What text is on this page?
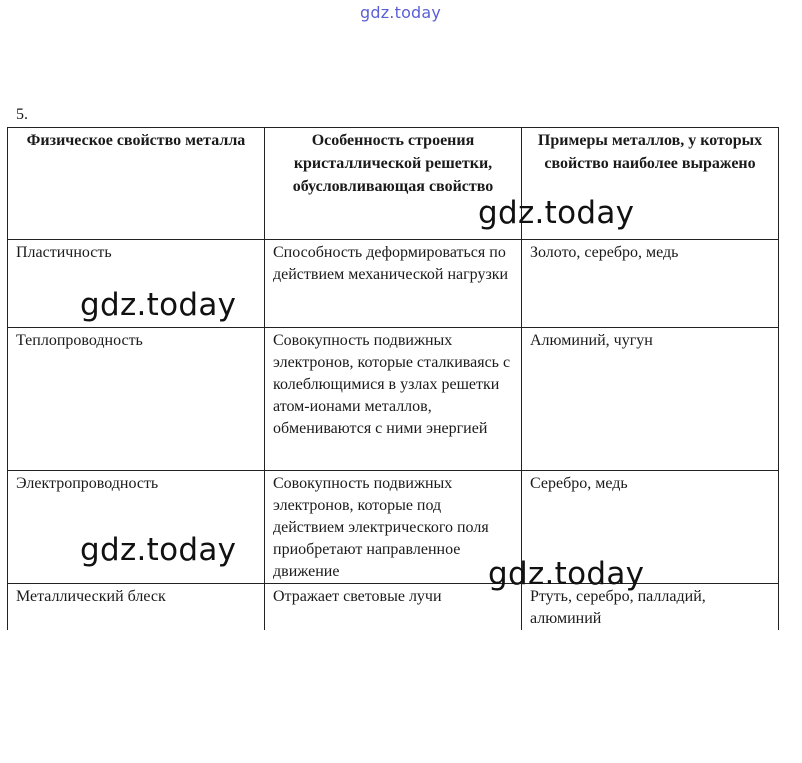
gdz.today
5.
Физическое свойство металла	Особенность строения кристаллической решетки, обусловливающая свойство	Примеры металлов, у которых свойство наиболее выражено
Пластичность	Способность деформироваться по действием механической нагрузки	Золото, серебро, медь
Теплопроводность	Совокупность подвижных электронов, которые сталкиваясь с колеблющимися в узлах решетки атом-ионами металлов, обмениваются с ними энергией	Алюминий, чугун
Электропроводность	Совокупность подвижных электронов, которые под действием электрического поля приобретают направленное движение	Серебро, медь
Металлический блеск	Отражает световые лучи	Ртуть, серебро, палладий, алюминий
gdz.today
gdz.today
gdz.today
gdz.today
